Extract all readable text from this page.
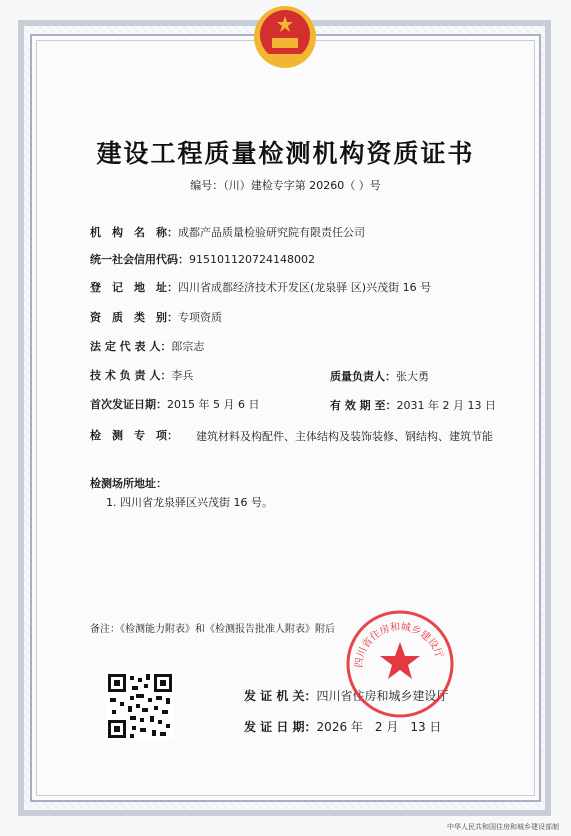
建设工程质量检测机构资质证书
编号：（川）建检专字第 20260（ ）号
机　构　名　称：成都产品质量检验研究院有限责任公司
统一社会信用代码：915101120724148002
登　记　地　址：四川省成都经济技术开发区(龙泉驿 区)兴茂街 16 号
资　质　类　别：专项资质
法 定 代 表 人：郎宗志
技 术 负 责 人：李兵	质量负责人：张大勇
首次发证日期：2015 年 5 月 6 日	有 效 期 至：2031 年 2 月 13 日
检　测　专　项： 建筑材料及构配件、主体结构及装饰装修、钢结构、建筑节能
检测场所地址：
1. 四川省龙泉驿区兴茂街 16 号。
备注：《检测能力附表》和《检测报告批准人附表》附后
发 证 机 关：四川省住房和城乡建设厅
发 证 日 期：2026 年　2 月　13 日
四川省住房和城乡建设厅
中华人民共和国住房和城乡建设部制
